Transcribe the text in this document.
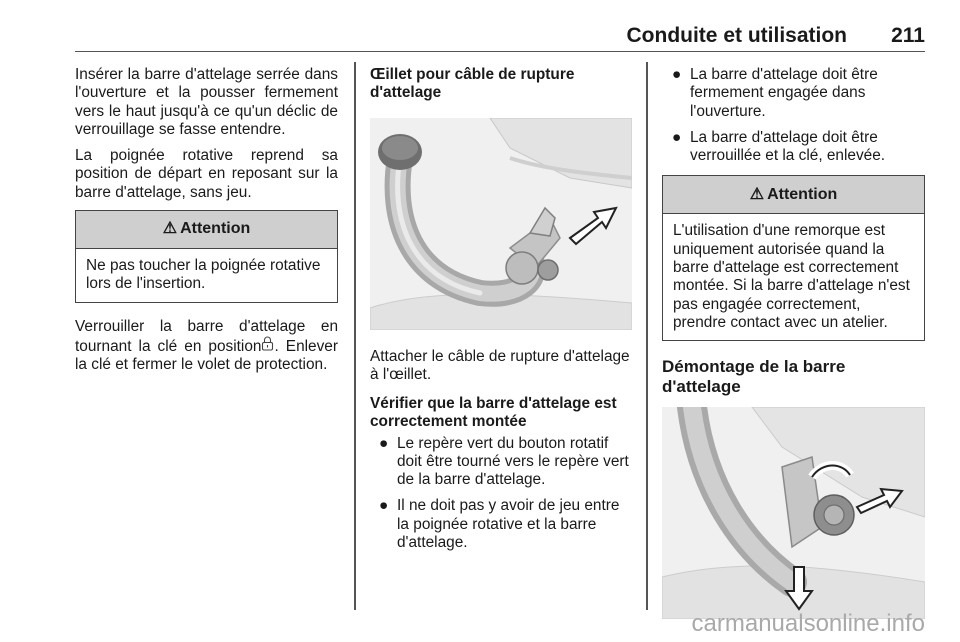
Conduite et utilisation 211

Insérer la barre d'attelage serrée dans l'ouverture et la pousser fermement vers le haut jusqu'à ce qu'un déclic de verrouillage se fasse entendre.

La poignée rotative reprend sa position de départ en reposant sur la barre d'attelage, sans jeu.

⚠ Attention
Ne pas toucher la poignée rotative lors de l'insertion.

Verrouiller la barre d'attelage en tournant la clé en position . Enlever la clé et fermer le volet de protection.

Œillet pour câble de rupture d'attelage

Attacher le câble de rupture d'attelage à l'œillet.

Vérifier que la barre d'attelage est correctement montée
● Le repère vert du bouton rotatif doit être tourné vers le repère vert de la barre d'attelage.
● Il ne doit pas y avoir de jeu entre la poignée rotative et la barre d'attelage.
● La barre d'attelage doit être fermement engagée dans l'ouverture.
● La barre d'attelage doit être verrouillée et la clé, enlevée.
⚠ Attention
L'utilisation d'une remorque est uniquement autorisée quand la barre d'attelage est correctement montée. Si la barre d'attelage n'est pas engagée correctement, prendre contact avec un atelier.
Démontage de la barre d'attelage
carmanualsonline.info
